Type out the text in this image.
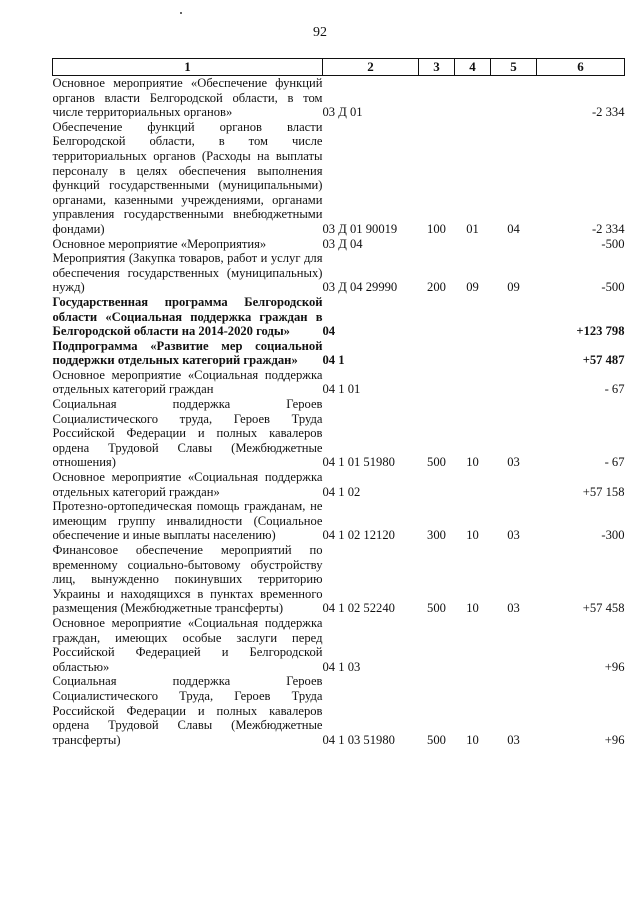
92
1	2	3	4	5	6
Основное мероприятие «Обеспечение функций органов власти Белгородской области, в том числе территориальных органов»	03 Д 01				-2 334
Обеспечение функций органов власти Белгородской области, в том числе территориальных органов (Расходы на выплаты персоналу в целях обеспечения выполнения функций государственными (муниципальными) органами, казенными учреждениями, органами управления государственными внебюджетными фондами)	03 Д 01 90019	100	01	04	-2 334
Основное мероприятие «Мероприятия»	03 Д 04				-500
Мероприятия (Закупка товаров, работ и услуг для обеспечения государственных (муниципальных) нужд)	03 Д 04 29990	200	09	09	-500
Государственная программа Белгородской области «Социальная поддержка граждан в Белгородской области на 2014-2020 годы»	04				+123 798
Подпрограмма «Развитие мер социальной поддержки отдельных категорий граждан»	04 1				+57 487
Основное мероприятие «Социальная поддержка отдельных категорий граждан	04 1 01				- 67
Социальная поддержка Героев Социалистического труда, Героев Труда Российской Федерации и полных кавалеров ордена Трудовой Славы (Межбюджетные отношения)	04 1 01 51980	500	10	03	- 67
Основное мероприятие «Социальная поддержка отдельных категорий граждан»	04 1 02				+57 158
Протезно-ортопедическая помощь гражданам, не имеющим группу инвалидности (Социальное обеспечение и иные выплаты населению)	04 1 02 12120	300	10	03	-300
Финансовое обеспечение мероприятий по временному социально-бытовому обустройству лиц, вынужденно покинувших территорию Украины и находящихся в пунктах временного размещения (Межбюджетные трансферты)	04 1 02 52240	500	10	03	+57 458
Основное мероприятие «Социальная поддержка граждан, имеющих особые заслуги перед Российской Федерацией и Белгородской областью»	04 1 03				+96
Социальная поддержка Героев Социалистического Труда, Героев Труда Российской Федерации и полных кавалеров ордена Трудовой Славы (Межбюджетные трансферты)	04 1 03 51980	500	10	03	+96
